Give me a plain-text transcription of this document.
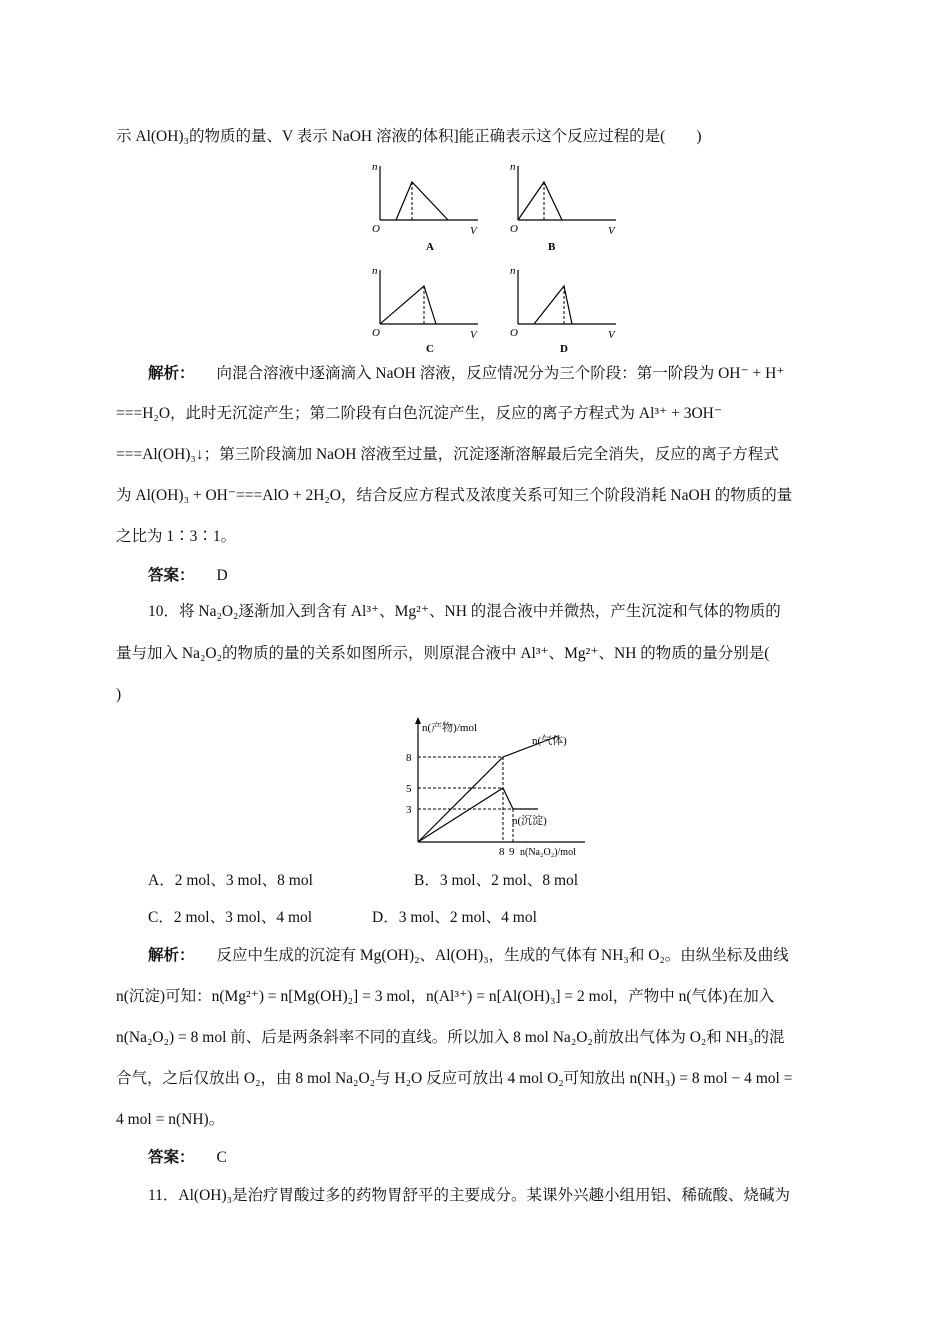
示 Al(OH)₃的物质的量、V 表示 NaOH 溶液的体积]能正确表示这个反应过程的是(　　)
n
O	V
A
n
O	V
B
n
O	V
C
n
O	V
D
解析： 向混合溶液中逐滴滴入 NaOH 溶液，反应情况分为三个阶段：第一阶段为 OH⁻ + H⁺
===H₂O，此时无沉淀产生；第二阶段有白色沉淀产生，反应的离子方程式为 Al³⁺ + 3OH⁻
===Al(OH)₃↓；第三阶段滴加 NaOH 溶液至过量，沉淀逐渐溶解最后完全消失，反应的离子方程式
为 Al(OH)₃ + OH⁻===AlO + 2H₂O，结合反应方程式及浓度关系可知三个阶段消耗 NaOH 的物质的量
之比为 1∶3∶1。
答案： D
10．将 Na₂O₂逐渐加入到含有 Al³⁺、Mg²⁺、NH 的混合液中并微热，产生沉淀和气体的物质的
量与加入 Na₂O₂的物质的量的关系如图所示，则原混合液中 Al³⁺、Mg²⁺、NH 的物质的量分别是(
)
n(产物)/mol
8
5
3
n(气体)
n(沉淀)
8 9 n(Na₂O₂)/mol
A．2 mol、3 mol、8 mol	B．3 mol、2 mol、8 mol
C．2 mol、3 mol、4 mol	D．3 mol、2 mol、4 mol
解析： 反应中生成的沉淀有 Mg(OH)₂、Al(OH)₃，生成的气体有 NH₃和 O₂。由纵坐标及曲线
n(沉淀)可知：n(Mg²⁺) = n[Mg(OH)₂] = 3 mol，n(Al³⁺) = n[Al(OH)₃] = 2 mol，产物中 n(气体)在加入
n(Na₂O₂) = 8 mol 前、后是两条斜率不同的直线。所以加入 8 mol Na₂O₂前放出气体为 O₂和 NH₃的混
合气，之后仅放出 O₂，由 8 mol Na₂O₂与 H₂O 反应可放出 4 mol O₂可知放出 n(NH₃) = 8 mol − 4 mol =
4 mol = n(NH)。
答案： C
11．Al(OH)₃是治疗胃酸过多的药物胃舒平的主要成分。某课外兴趣小组用铝、稀硫酸、烧碱为
